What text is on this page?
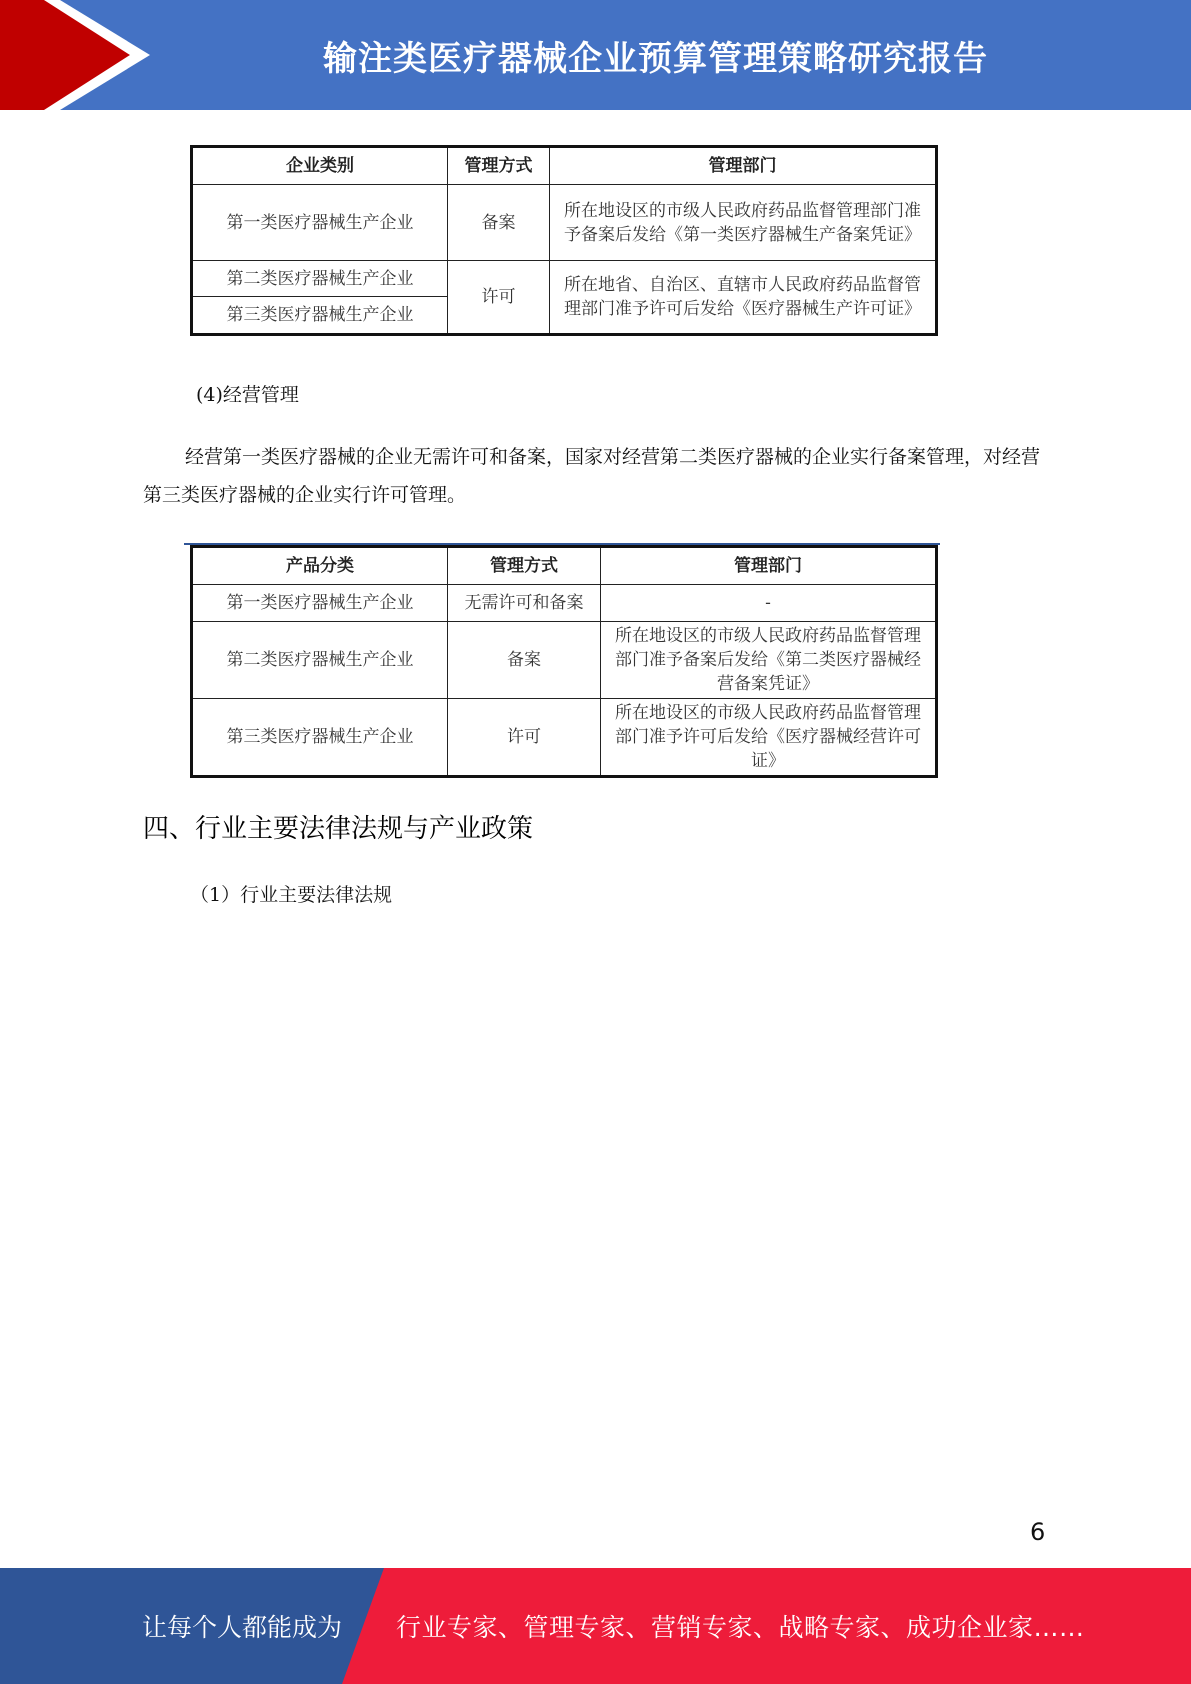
输注类医疗器械企业预算管理策略研究报告
企业类别	管理方式	管理部门
第一类医疗器械生产企业	备案	所在地设区的市级人民政府药品监督管理部门准予备案后发给《第一类医疗器械生产备案凭证》
第二类医疗器械生产企业	许可	所在地省、自治区、直辖市人民政府药品监督管理部门准予许可后发给《医疗器械生产许可证》
第三类医疗器械生产企业		
(4)经营管理
经营第一类医疗器械的企业无需许可和备案，国家对经营第二类医疗器械的企业实行备案管理，对经营第三类医疗器械的企业实行许可管理。
产品分类	管理方式	管理部门
第一类医疗器械生产企业	无需许可和备案	-
第二类医疗器械生产企业	备案	所在地设区的市级人民政府药品监督管理部门准予备案后发给《第二类医疗器械经营备案凭证》
第三类医疗器械生产企业	许可	所在地设区的市级人民政府药品监督管理部门准予许可后发给《医疗器械经营许可证》
四、行业主要法律法规与产业政策
（1）行业主要法律法规
6
让每个人都能成为 行业专家、管理专家、营销专家、战略专家、成功企业家……
